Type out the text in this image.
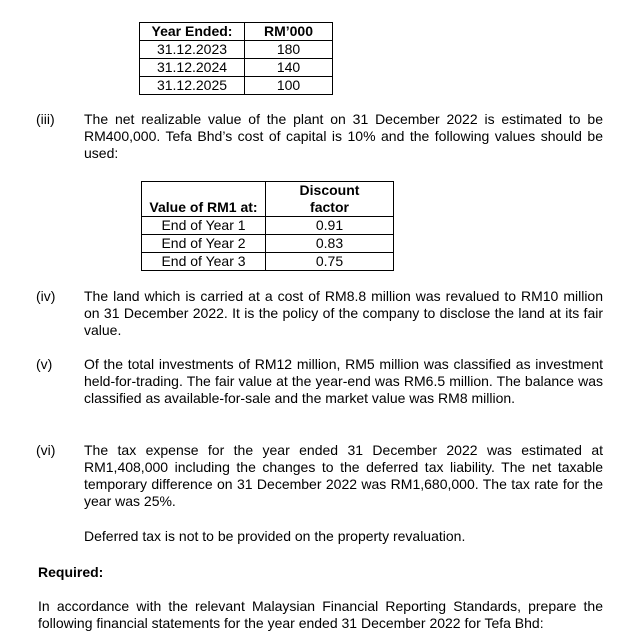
Year Ended:	RM’000
31.12.2023	180
31.12.2024	140
31.12.2025	100
(iii) The net realizable value of the plant on 31 December 2022 is estimated to be RM400,000. Tefa Bhd’s cost of capital is 10% and the following values should be used:
Value of RM1 at:	Discount
factor
End of Year 1	0.91
End of Year 2	0.83
End of Year 3	0.75
(iv) The land which is carried at a cost of RM8.8 million was revalued to RM10 million on 31 December 2022. It is the policy of the company to disclose the land at its fair value.
(v) Of the total investments of RM12 million, RM5 million was classified as investment held-for-trading. The fair value at the year-end was RM6.5 million. The balance was classified as available-for-sale and the market value was RM8 million.
(vi) The tax expense for the year ended 31 December 2022 was estimated at RM1,408,000 including the changes to the deferred tax liability. The net taxable temporary difference on 31 December 2022 was RM1,680,000. The tax rate for the year was 25%.
Deferred tax is not to be provided on the property revaluation.
Required:
In accordance with the relevant Malaysian Financial Reporting Standards, prepare the following financial statements for the year ended 31 December 2022 for Tefa Bhd:
